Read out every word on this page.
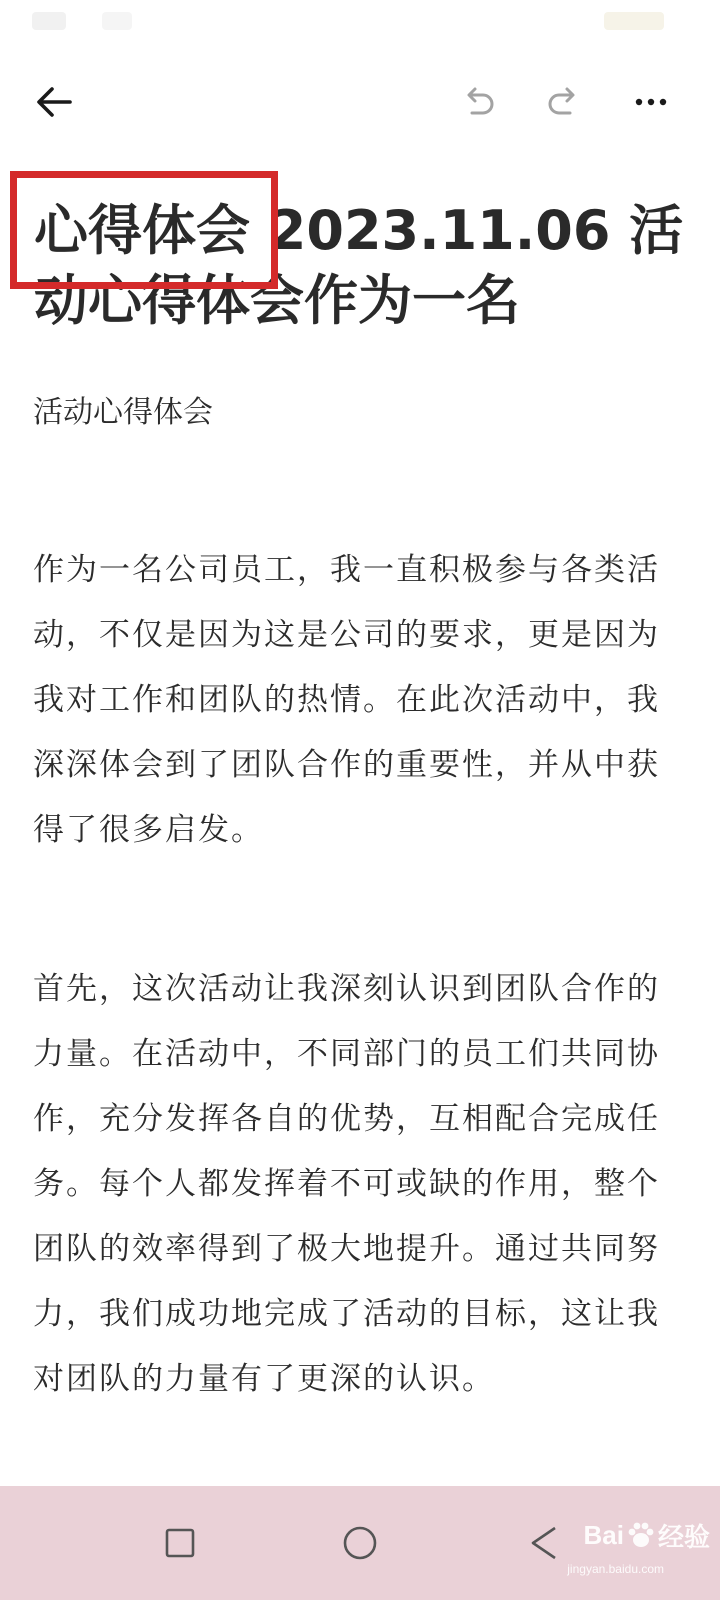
心得体会 2023.11.06 活动心得体会作为一名
活动心得体会
作为一名公司员工，我一直积极参与各类活动，不仅是因为这是公司的要求，更是因为我对工作和团队的热情。在此次活动中，我深深体会到了团队合作的重要性，并从中获得了很多启发。
首先，这次活动让我深刻认识到团队合作的力量。在活动中，不同部门的员工们共同协作，充分发挥各自的优势，互相配合完成任务。每个人都发挥着不可或缺的作用，整个团队的效率得到了极大地提升。通过共同努力，我们成功地完成了活动的目标，这让我对团队的力量有了更深的认识。
Bai 经验
jingyan.baidu.com
